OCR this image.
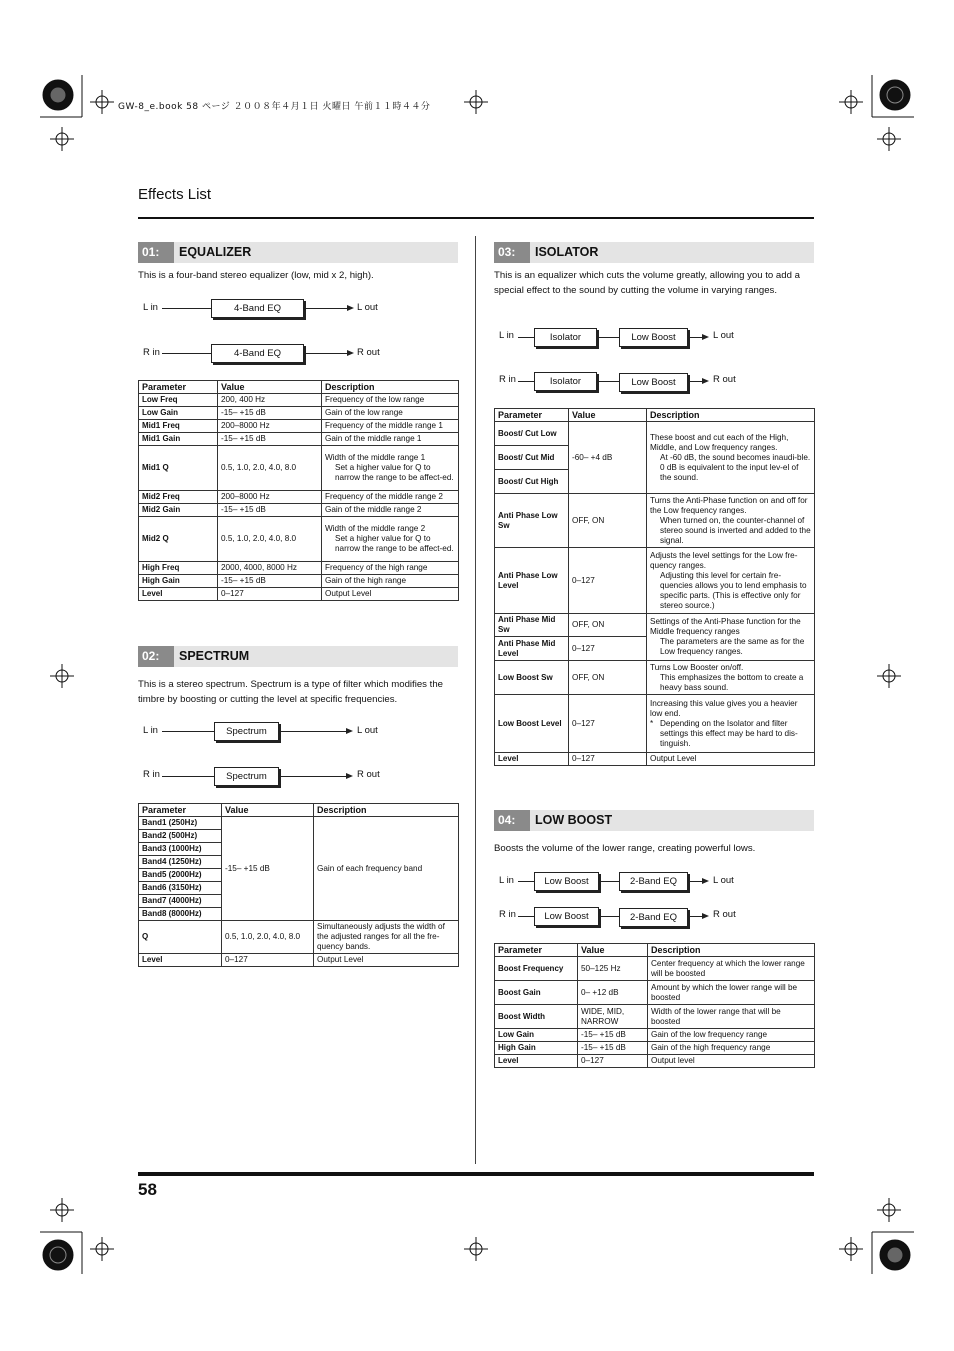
GW-8_e.book 58 ページ ２００８年４月１日 火曜日 午前１１時４４分
Effects List
01:	EQUALIZER
This is a four-band stereo equalizer (low, mid x 2, high).
L in	4-Band EQ	L out
R in	4-Band EQ	R out
Parameter	Value	Description
Low Freq	200, 400 Hz	Frequency of the low range
Low Gain	-15– +15 dB	Gain of the low range
Mid1 Freq	200–8000 Hz	Frequency of the middle range 1
Mid1 Gain	-15– +15 dB	Gain of the middle range 1
Mid1 Q	0.5, 1.0, 2.0, 4.0, 8.0	Width of the middle range 1
Set a higher value for Q to narrow the range to be affect-ed.

Mid2 Freq	200–8000 Hz	Frequency of the middle range 2
Mid2 Gain	-15– +15 dB	Gain of the middle range 2
Mid2 Q	0.5, 1.0, 2.0, 4.0, 8.0	Width of the middle range 2
Set a higher value for Q to narrow the range to be affect-ed.

High Freq	2000, 4000, 8000 Hz	Frequency of the high range
High Gain	-15– +15 dB	Gain of the high range
Level	0–127	Output Level
02:	SPECTRUM
This is a stereo spectrum. Spectrum is a type of filter which modifies the timbre by boosting or cutting the level at specific frequencies.
L in	Spectrum	L out
R in	Spectrum	R out
Parameter	Value	Description
Band1 (250Hz)	-15– +15 dB	Gain of each frequency band
Band2 (500Hz)		
Band3 (1000Hz)		
Band4 (1250Hz)		
Band5 (2000Hz)		
Band6 (3150Hz)		
Band7 (4000Hz)		
Band8 (8000Hz)		
Q	0.5, 1.0, 2.0, 4.0, 8.0	Simultaneously adjusts the width of the adjusted ranges for all the fre-quency bands.
Level	0–127	Output Level
03:	ISOLATOR
This is an equalizer which cuts the volume greatly, allowing you to add a special effect to the sound by cutting the volume in varying ranges.
L in	Isolator	Low Boost	L out
R in	Isolator	Low Boost	R out
Parameter	Value	Description
Boost/ Cut Low	-60– +4 dB	These boost and cut each of the High, Middle, and Low frequency ranges.
At -60 dB, the sound becomes inaudi-ble. 0 dB is equivalent to the input lev-el of the sound.

Boost/ Cut Mid		
Boost/ Cut High		
Anti Phase Low Sw	OFF, ON	Turns the Anti-Phase function on and off for the Low frequency ranges.
When turned on, the counter-channel of stereo sound is inverted and added to the signal.

Anti Phase Low Level	0–127	Adjusts the level settings for the Low fre-quency ranges.
Adjusting this level for certain fre-quencies allows you to lend emphasis to specific parts. (This is effective only for stereo source.)

Anti Phase Mid Sw	OFF, ON	Settings of the Anti-Phase function for the Middle frequency ranges
The parameters are the same as for the Low frequency ranges.

Anti Phase Mid Level	0–127	
Low Boost Sw	OFF, ON	Turns Low Booster on/off.
This emphasizes the bottom to create a heavy bass sound.

Low Boost Level	0–127	Increasing this value gives you a heavier low end.
* Depending on the Isolator and filter settings this effect may be hard to dis-tinguish.

Level	0–127	Output Level
04:	LOW BOOST
Boosts the volume of the lower range, creating powerful lows.
L in	Low Boost	2-Band EQ	L out
R in	Low Boost	2-Band EQ	R out
Parameter	Value	Description
Boost Frequency	50–125 Hz	Center frequency at which the lower range will be boosted
Boost Gain	0– +12 dB	Amount by which the lower range will be boosted
Boost Width	WIDE, MID, NARROW	Width of the lower range that will be boosted
Low Gain	-15– +15 dB	Gain of the low frequency range
High Gain	-15– +15 dB	Gain of the high frequency range
Level	0–127	Output level
58
